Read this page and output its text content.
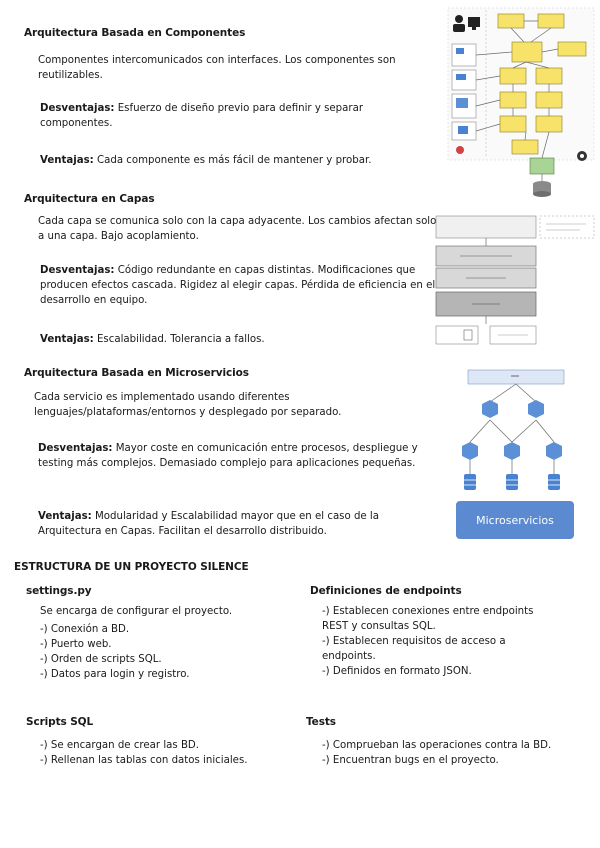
Arquitectura Basada en Componentes
Componentes intercomunicados con interfaces. Los componentes son reutilizables.
Desventajas: Esfuerzo de diseño previo para definir y separar componentes.
Ventajas: Cada componente es más fácil de mantener y probar.
Arquitectura en Capas
Cada capa se comunica solo con la capa adyacente. Los cambios afectan solo a una capa. Bajo acoplamiento.
Desventajas: Código redundante en capas distintas. Modificaciones que producen efectos cascada. Rigidez al elegir capas. Pérdida de eficiencia en el desarrollo en equipo.
Ventajas: Escalabilidad. Tolerancia a fallos.
Arquitectura Basada en Microservicios
Cada servicio es implementado usando diferentes lenguajes/plataformas/entornos y desplegado por separado.
Desventajas: Mayor coste en comunicación entre procesos, despliegue y testing más complejos. Demasiado complejo para aplicaciones pequeñas.
Ventajas: Modularidad y Escalabilidad mayor que en el caso de la Arquitectura en Capas. Facilitan el desarrollo distribuido.
Microservicios
ESTRUCTURA DE UN PROYECTO SILENCE
settings.py
Se encarga de configurar el proyecto.
-) Conexión a BD.
-) Puerto web.
-) Orden de scripts SQL.
-) Datos para login y registro.
Definiciones de endpoints
-) Establecen conexiones entre endpoints REST y consultas SQL.
-) Establecen requisitos de acceso a endpoints.
-) Definidos en formato JSON.
Scripts SQL
-) Se encargan de crear las BD.
-) Rellenan las tablas con datos iniciales.
Tests
-) Comprueban las operaciones contra la BD.
-) Encuentran bugs en el proyecto.
